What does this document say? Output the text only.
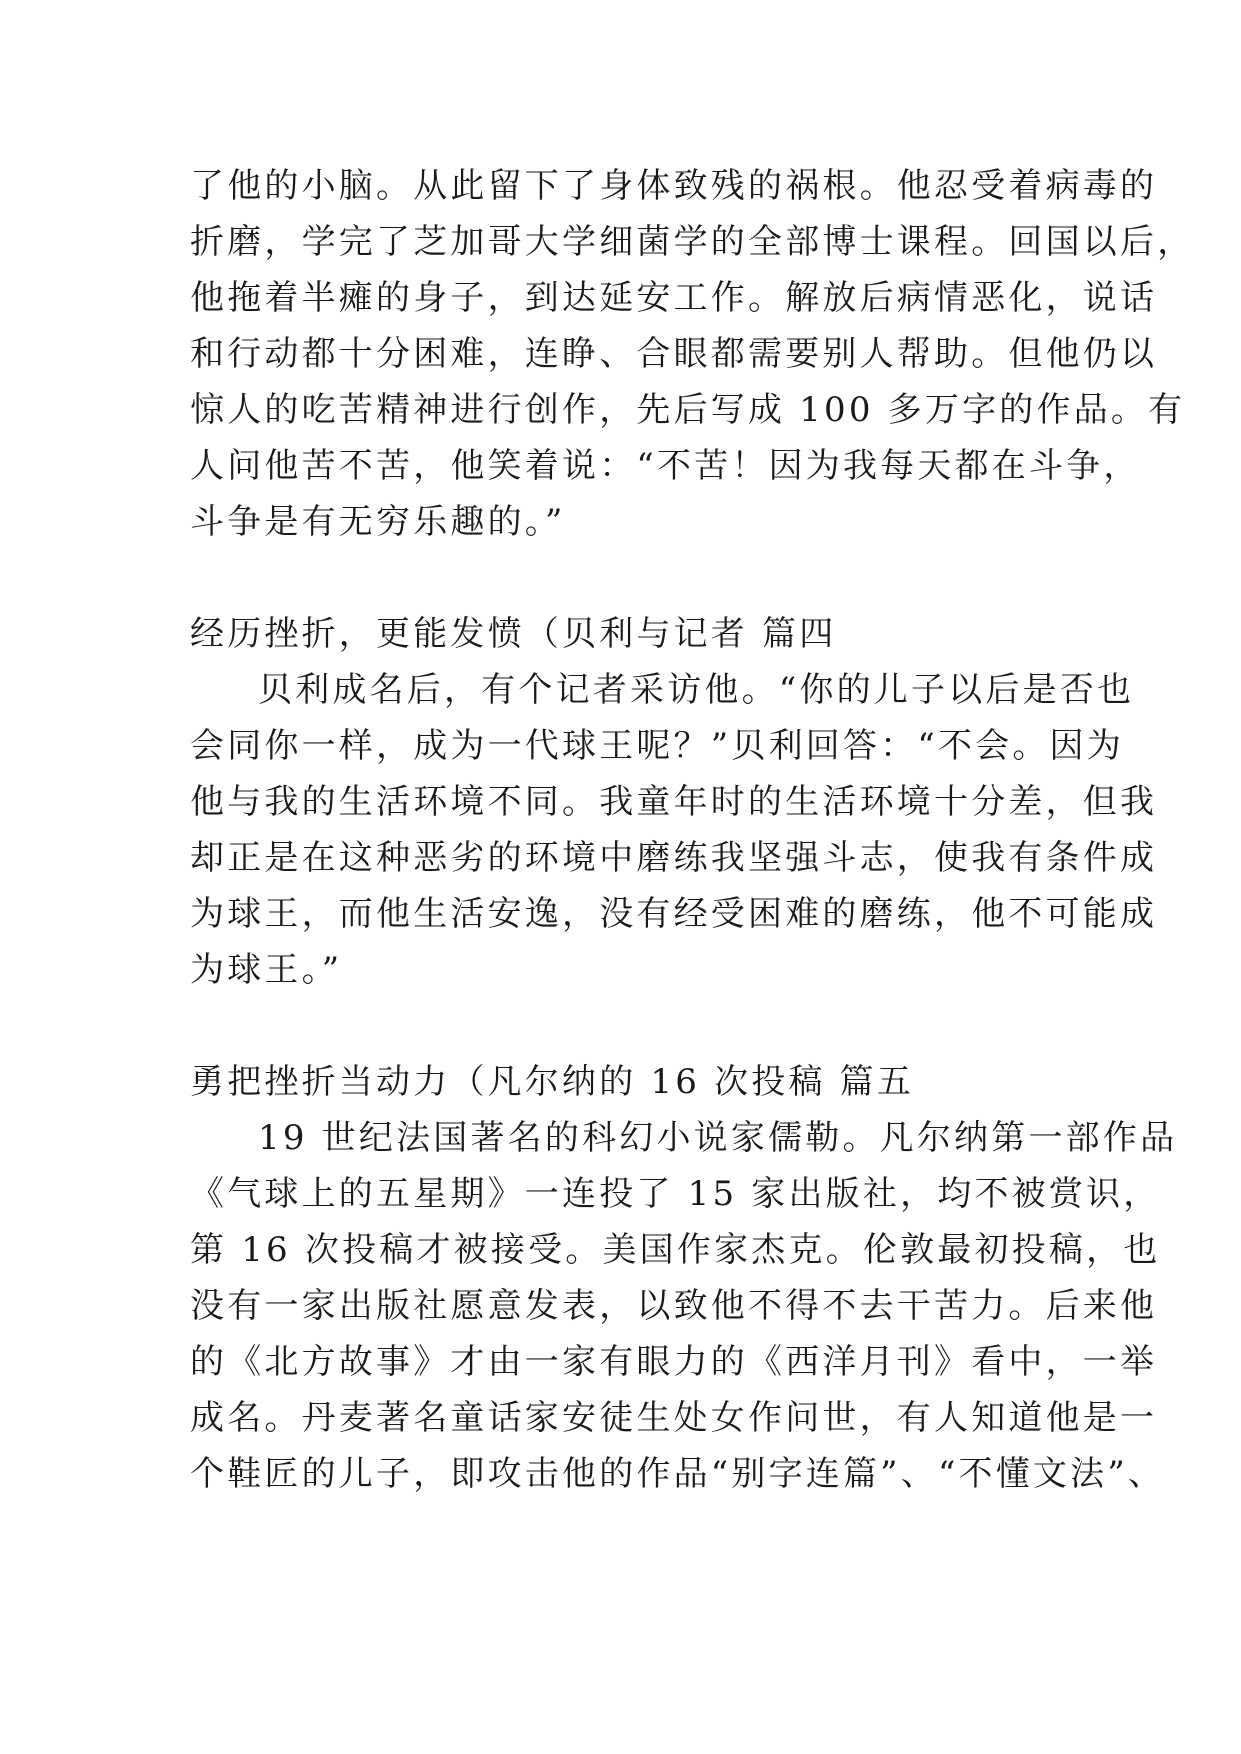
了他的小脑。从此留下了身体致残的祸根。他忍受着病毒的
折磨，学完了芝加哥大学细菌学的全部博士课程。回国以后，
他拖着半瘫的身子，到达延安工作。解放后病情恶化，说话
和行动都十分困难，连睁、合眼都需要别人帮助。但他仍以
惊人的吃苦精神进行创作，先后写成 100 多万字的作品。有
人问他苦不苦，他笑着说：“不苦！因为我每天都在斗争，
斗争是有无穷乐趣的。”
经历挫折，更能发愤（贝利与记者 篇四
贝利成名后，有个记者采访他。“你的儿子以后是否也
会同你一样，成为一代球王呢？”贝利回答：“不会。因为
他与我的生活环境不同。我童年时的生活环境十分差，但我
却正是在这种恶劣的环境中磨练我坚强斗志，使我有条件成
为球王，而他生活安逸，没有经受困难的磨练，他不可能成
为球王。”
勇把挫折当动力（凡尔纳的 16 次投稿 篇五
19 世纪法国著名的科幻小说家儒勒。凡尔纳第一部作品
《气球上的五星期》一连投了 15 家出版社，均不被赏识，
第 16 次投稿才被接受。美国作家杰克。伦敦最初投稿，也
没有一家出版社愿意发表，以致他不得不去干苦力。后来他
的《北方故事》才由一家有眼力的《西洋月刊》看中，一举
成名。丹麦著名童话家安徒生处女作问世，有人知道他是一
个鞋匠的儿子，即攻击他的作品“别字连篇”、“不懂文法”、
